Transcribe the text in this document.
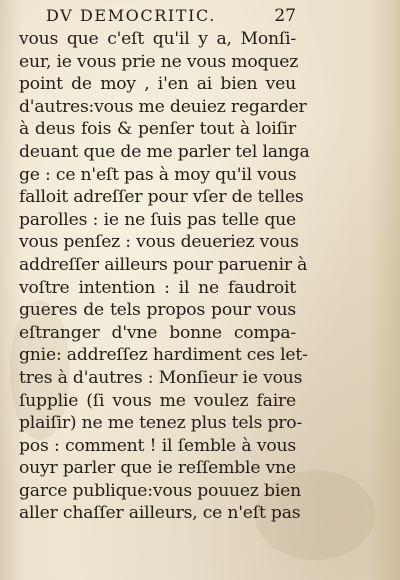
DV DEMOCRITIC.	27
vous que c'eſt qu'il y a, Monſi-
eur, ie vous prie ne vous moquez
point de moy , i'en ai bien veu
d'autres:vous me deuiez regarder
à deus fois & penſer tout à loiſir
deuant que de me parler tel langa
ge : ce n'eſt pas à moy qu'il vous
falloit adreſſer pour vſer de telles
parolles : ie ne ſuis pas telle que
vous penſez : vous deueriez vous
addreſſer ailleurs pour paruenir à
voſtre intention : il ne faudroit
gueres de tels propos pour vous
eſtranger d'vne bonne compa-
gnie: addreſſez hardiment ces let-
tres à d'autres : Monſieur ie vous
ſupplie (ſi vous me voulez faire
plaiſir) ne me tenez plus tels pro-
pos : comment ! il ſemble à vous
ouyr parler que ie reſſemble vne
garce publique:vous pouuez bien
aller chaſſer ailleurs, ce n'eſt pas
